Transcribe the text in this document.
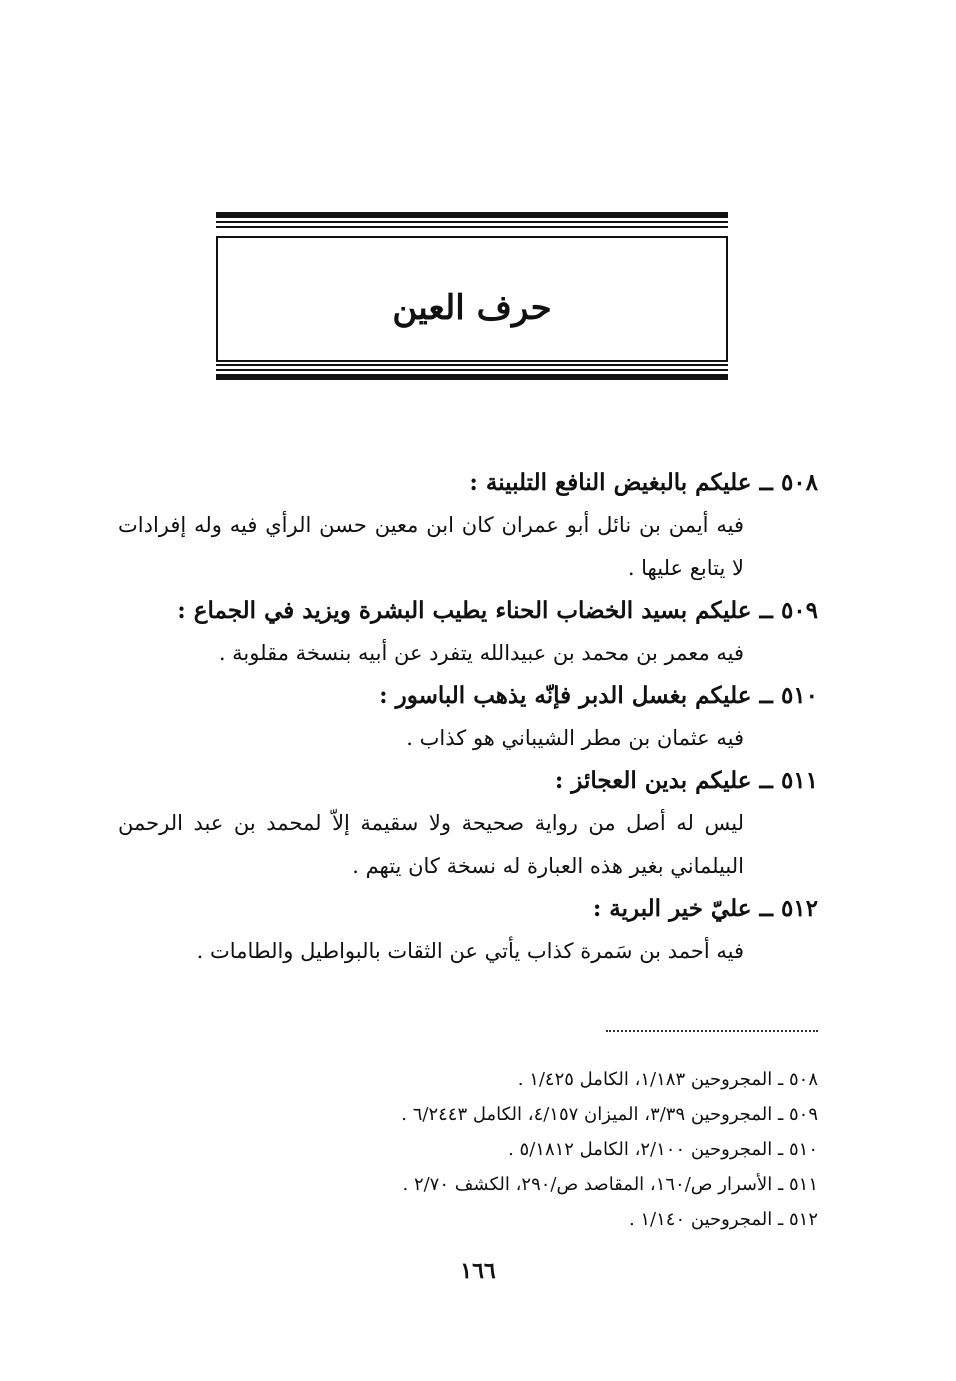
حرف العين
٥٠٨ ــ عليكم بالبغيض النافع التلبينة :
فيه أيمن بن نائل أبو عمران كان ابن معين حسن الرأي فيه وله إفرادات لا يتابع عليها .
٥٠٩ ــ عليكم بسيد الخضاب الحناء يطيب البشرة ويزيد في الجماع :
فيه معمر بن محمد بن عبيدالله يتفرد عن أبيه بنسخة مقلوبة .
٥١٠ ــ عليكم بغسل الدبر فإنّه يذهب الباسور :
فيه عثمان بن مطر الشيباني هو كذاب .
٥١١ ــ عليكم بدين العجائز :
ليس له أصل من رواية صحيحة ولا سقيمة إلاّ لمحمد بن عبد الرحمن البيلماني بغير هذه العبارة له نسخة كان يتهم .
٥١٢ ــ عليّ خير البرية :
فيه أحمد بن سَمرة كذاب يأتي عن الثقات بالبواطيل والطامات .
٥٠٨ ـ المجروحين ١/١٨٣، الكامل ١/٤٢٥ .
٥٠٩ ـ المجروحين ٣/٣٩، الميزان ٤/١٥٧، الكامل ٦/٢٤٤٣ .
٥١٠ ـ المجروحين ٢/١٠٠، الكامل ٥/١٨١٢ .
٥١١ ـ الأسرار ص/١٦٠، المقاصد ص/٢٩٠، الكشف ٢/٧٠ .
٥١٢ ـ المجروحين ١/١٤٠ .
١٦٦
